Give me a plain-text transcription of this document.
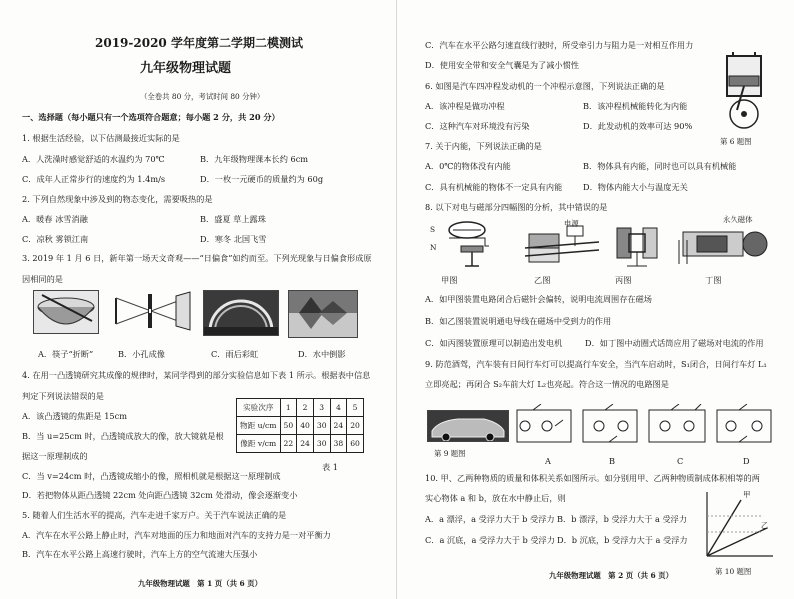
2019-2020 学年度第二学期二模测试
九年级物理试题
（全卷共 80 分，考试时间 80 分钟）
一、选择题（每小题只有一个选项符合题意；每小题 2 分，共 20 分）
1. 根据生活经验，以下估测最接近实际的是
A．人洗澡时感觉舒适的水温约为 70℃	B．九年级物理课本长约 6cm
C．成年人正常步行的速度约为 1.4m/s	D．一枚一元硬币的质量约为 60g
2. 下列自然现象中涉及到的物态变化，需要吸热的是
A．暖春 冰雪消融	B．盛夏 草上露珠
C．凉秋 雾锁江南	D．寒冬 北国飞雪
3. 2019 年 1 月 6 日，新年第一场天文奇观——“日偏食”如约而至。下列光现象与日偏食形成原
因相同的是
A．筷子“折断”	B．小孔成像	C．雨后彩虹	D．水中倒影
4. 在用一凸透镜研究其成像的规律时，某同学得到的部分实验信息如下表 1 所示。根据表中信息
判定下列说法错误的是
A．该凸透镜的焦距是 15cm
B．当 u=25cm 时，凸透镜成放大的像，放大镜就是根
据这一原理制成的
C．当 v=24cm 时，凸透镜成缩小的像，照相机就是根据这一原理制成
D．若把物体从距凸透镜 22cm 处向距凸透镜 32cm 处滑动，像会逐渐变小
实验次序	1	2	3	4	5
物距 u/cm	50	40	30	24	20
像距 v/cm	22	24	30	38	60
表 1
5. 随着人们生活水平的提高，汽车走进千家万户。关于汽车说法正确的是
A．汽车在水平公路上静止时，汽车对地面的压力和地面对汽车的支持力是一对平衡力
B．汽车在水平公路上高速行驶时，汽车上方的空气流速大压强小
九年级物理试题　第 1 页（共 6 页）
C．汽车在水平公路匀速直线行驶时，所受牵引力与阻力是一对相互作用力
D．使用安全带和安全气囊是为了减小惯性
6. 如图是汽车四冲程发动机的一个冲程示意图，下列说法正确的是
A．该冲程是做功冲程	B．该冲程机械能转化为内能
C．这种汽车对环境没有污染	D．此发动机的效率可达 90%
第 6 题图
7. 关于内能，下列说法正确的是
A．0℃的物体没有内能	B．物体具有内能，同时也可以具有机械能
C．具有机械能的物体不一定具有内能	D．物体内能大小与温度无关
8. 以下对电与磁部分四幅图的分析，其中错误的是
S
N
电源	永久磁体
甲图	乙图	丙图	丁图
A．如甲图装置电路闭合后磁针会偏转，说明电流周围存在磁场
B．如乙图装置说明通电导线在磁场中受到力的作用
C．如丙图装置原理可以制造出发电机	D．如丁图中动圈式话筒应用了磁场对电流的作用
9. 防范酒驾，汽车装有日间行车灯可以提高行车安全，当汽车启动时，S₁闭合，日间行车灯 L₁
立即亮起；再闭合 S₂车前大灯 L₂也亮起。符合这一情况的电路图是
第 9 题图
A	B	C	D
10. 甲、乙两种物质的质量和体积关系如图所示。如分别用甲、乙两种物质制成体积相等的两
实心物体 a 和 b，放在水中静止后，则
A．a 漂浮，a 受浮力大于 b 受浮力 B．b 漂浮，b 受浮力大于 a 受浮力
C．a 沉底，a 受浮力大于 b 受浮力 D．b 沉底，b 受浮力大于 a 受浮力
甲
乙
第 10 题图
九年级物理试题　第 2 页（共 6 页）
